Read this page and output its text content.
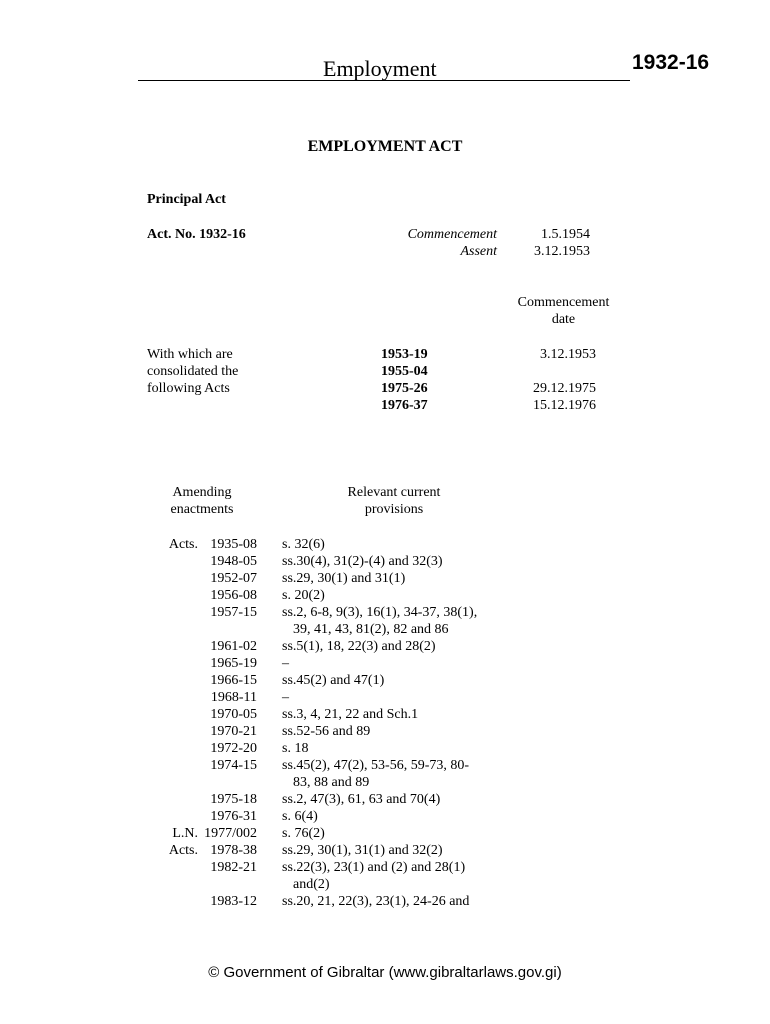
Employment	1932-16
EMPLOYMENT ACT
Principal Act
Act. No. 1932-16	Commencement
Assent
1.5.1954
3.12.1953
Commencement
date
With which are
consolidated the
following Acts
1953-19
1955-04
1975-26
1976-37
3.12.1953
29.12.1975
15.12.1976
Amending
enactments
Relevant current
provisions
Acts. 1935-08 s. 32(6)
1948-05 ss.30(4), 31(2)-(4) and 32(3)
1952-07 ss.29, 30(1) and 31(1)
1956-08 s. 20(2)
1957-15 ss.2, 6-8, 9(3), 16(1), 34-37, 38(1),
39, 41, 43, 81(2), 82 and 86
1961-02 ss.5(1), 18, 22(3) and 28(2)
1965-19 –
1966-15 ss.45(2) and 47(1)
1968-11 –
1970-05 ss.3, 4, 21, 22 and Sch.1
1970-21 ss.52-56 and 89
1972-20 s. 18
1974-15 ss.45(2), 47(2), 53-56, 59-73, 80-
83, 88 and 89
1975-18 ss.2, 47(3), 61, 63 and 70(4)
1976-31 s. 6(4)
L.N. 1977/002 s. 76(2)
Acts. 1978-38 ss.29, 30(1), 31(1) and 32(2)
1982-21 ss.22(3), 23(1) and (2) and 28(1)
and(2)
1983-12 ss.20, 21, 22(3), 23(1), 24-26 and
© Government of Gibraltar (www.gibraltarlaws.gov.gi)
